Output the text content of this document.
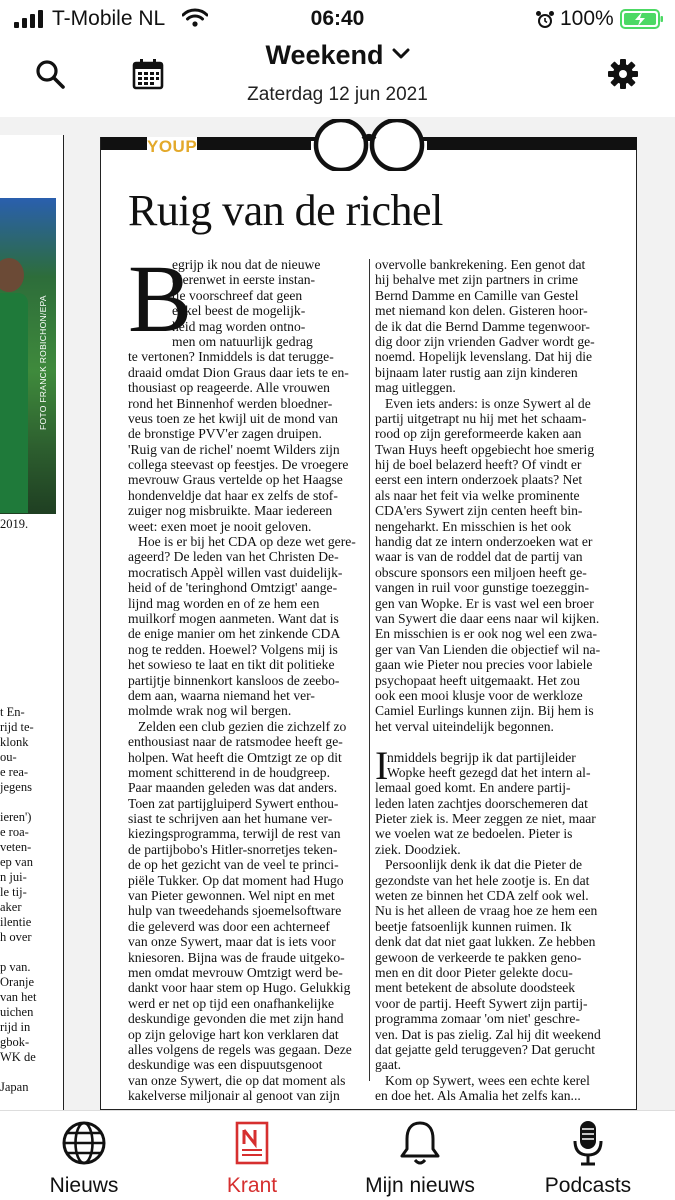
T-Mobile NL	06:40	100%
Weekend
Zaterdag 12 jun 2021
FOTO FRANCK ROBICHON/EPA
2019.
t En-
rijd te-
klonk
ou-
e rea-
jegens
ieren')
e roa-
veten-
ep van
n jui-
le tij-
aker
ilentie
h over
p van.
Oranje
van het
uichen
rijd in
gbok-
WK de
Japan
YOUP
Ruig van de richel
egrijp ik nou dat de nieuwe
dierenwet in eerste instan-
tie voorschreef dat geen
enkel beest de mogelijk-
heid mag worden ontno-
men om natuurlijk gedrag
te vertonen? Inmiddels is dat terugge-
draaid omdat Dion Graus daar iets te en-
thousiast op reageerde. Alle vrouwen
rond het Binnenhof werden bloedner-
veus toen ze het kwijl uit de mond van
de bronstige PVV'er zagen druipen.
'Ruig van de richel' noemt Wilders zijn
collega steevast op feestjes. De vroegere
mevrouw Graus vertelde op het Haagse
hondenveldje dat haar ex zelfs de stof-
zuiger nog misbruikte. Maar iedereen
weet: exen moet je nooit geloven.
Hoe is er bij het CDA op deze wet gere-
ageerd? De leden van het Christen De-
mocratisch Appèl willen vast duidelijk-
heid of de 'teringhond Omtzigt' aange-
lijnd mag worden en of ze hem een
muilkorf mogen aanmeten. Want dat is
de enige manier om het zinkende CDA
nog te redden. Hoewel? Volgens mij is
het sowieso te laat en tikt dit politieke
partijtje binnenkort kansloos de zeebo-
dem aan, waarna niemand het ver-
molmde wrak nog wil bergen.
Zelden een club gezien die zichzelf zo
enthousiast naar de ratsmodee heeft ge-
holpen. Wat heeft die Omtzigt ze op dit
moment schitterend in de houdgreep.
Paar maanden geleden was dat anders.
Toen zat partijgluiperd Sywert enthou-
siast te schrijven aan het humane ver-
kiezingsprogramma, terwijl de rest van
de partijbobo's Hitler-snorretjes teken-
de op het gezicht van de veel te princi-
piële Tukker. Op dat moment had Hugo
van Pieter gewonnen. Wel nipt en met
hulp van tweedehands sjoemelsoftware
die geleverd was door een achterneef
van onze Sywert, maar dat is iets voor
kniesoren. Bijna was de fraude uitgeko-
men omdat mevrouw Omtzigt werd be-
dankt voor haar stem op Hugo. Gelukkig
werd er net op tijd een onafhankelijke
deskundige gevonden die met zijn hand
op zijn gelovige hart kon verklaren dat
alles volgens de regels was gegaan. Deze
deskundige was een dispuutsgenoot
van onze Sywert, die op dat moment als
kakelverse miljonair al genoot van zijn
B	overvolle bankrekening. Een genot dat
hij behalve met zijn partners in crime
Bernd Damme en Camille van Gestel
met niemand kon delen. Gisteren hoor-
de ik dat die Bernd Damme tegenwoor-
dig door zijn vrienden Gadver wordt ge-
noemd. Hopelijk levenslang. Dat hij die
bijnaam later rustig aan zijn kinderen
mag uitleggen.
Even iets anders: is onze Sywert al de
partij uitgetrapt nu hij met het schaam-
rood op zijn gereformeerde kaken aan
Twan Huys heeft opgebiecht hoe smerig
hij de boel belazerd heeft? Of vindt er
eerst een intern onderzoek plaats? Net
als naar het feit via welke prominente
CDA'ers Sywert zijn centen heeft bin-
nengeharkt. En misschien is het ook
handig dat ze intern onderzoeken wat er
waar is van de roddel dat de partij van
obscure sponsors een miljoen heeft ge-
vangen in ruil voor gunstige toezeggin-
gen van Wopke. Er is vast wel een broer
van Sywert die daar eens naar wil kijken.
En misschien is er ook nog wel een zwa-
ger van Van Lienden die objectief wil na-
gaan wie Pieter nou precies voor labiele
psychopaat heeft uitgemaakt. Het zou
ook een mooi klusje voor de werkloze
Camiel Eurlings kunnen zijn. Bij hem is
het verval uiteindelijk begonnen.
nmiddels begrijp ik dat partijleider
Wopke heeft gezegd dat het intern al-
lemaal goed komt. En andere partij-
leden laten zachtjes doorschemeren dat
Pieter ziek is. Meer zeggen ze niet, maar
we voelen wat ze bedoelen. Pieter is
ziek. Doodziek.
Persoonlijk denk ik dat die Pieter de
gezondste van het hele zootje is. En dat
weten ze binnen het CDA zelf ook wel.
Nu is het alleen de vraag hoe ze hem een
beetje fatsoenlijk kunnen ruimen. Ik
denk dat dat niet gaat lukken. Ze hebben
gewoon de verkeerde te pakken geno-
men en dit door Pieter gelekte docu-
ment betekent de absolute doodsteek
voor de partij. Heeft Sywert zijn partij-
programma zomaar 'om niet' geschre-
ven. Dat is pas zielig. Zal hij dit weekend
dat gejatte geld teruggeven? Dat gerucht
gaat.
Kom op Sywert, wees een echte kerel
en doe het. Als Amalia het zelfs kan...
I
Nieuws	Krant	Mijn nieuws	Podcasts
